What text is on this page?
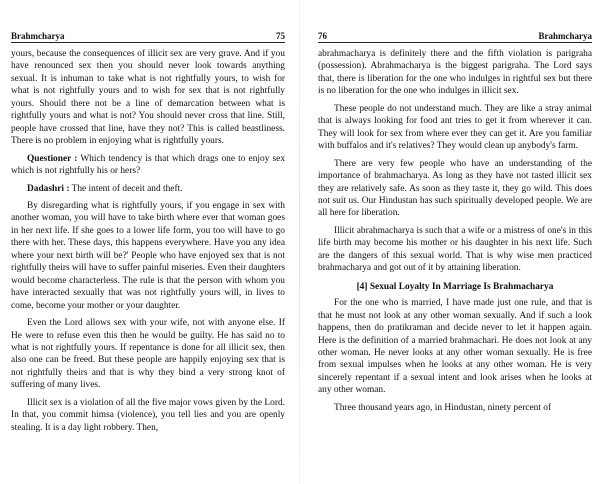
Brahmcharya	75

yours, because the consequences of illicit sex are very grave. And if you have renounced sex then you should never look towards anything sexual. It is inhuman to take what is not rightfully yours, to wish for what is not rightfully yours and to wish for sex that is not rightfully yours. Should there not be a line of demarcation between what is rightfully yours and what is not? You should never cross that line. Still, people have crossed that line, have they not? This is called beastliness. There is no problem in enjoying what is rightfully yours.

Questioner : Which tendency is that which drags one to enjoy sex which is not rightfully his or hers?

Dadashri : The intent of deceit and theft.

By disregarding what is rightfully yours, if you engage in sex with another woman, you will have to take birth where ever that woman goes in her next life. If she goes to a lower life form, you too will have to go there with her. These days, this happens everywhere. Have you any idea where your next birth will be?' People who have enjoyed sex that is not rightfully theirs will have to suffer painful miseries. Even their daughters would become characterless. The rule is that the person with whom you have interacted sexually that was not rightfully yours will, in lives to come, become your mother or your daughter.

Even the Lord allows sex with your wife, not with anyone else. If He were to refuse even this then he would be guilty. He has said no to what is not rightfully yours. If repentance is done for all illicit sex, then also one can be freed. But these people are happily enjoying sex that is not rightfully theirs and that is why they bind a very strong knot of suffering of many lives.

Illicit sex is a violation of all the five major vows given by the Lord. In that, you commit himsa (violence), you tell lies and you are openly stealing. It is a day light robbery. Then,

76	Brahmcharya

abrahmacharya is definitely there and the fifth violation is parigraha (possession). Abrahmacharya is the biggest parigraha. The Lord says that, there is liberation for the one who indulges in rightful sex but there is no liberation for the one who indulges in illicit sex.

These people do not understand much. They are like a stray animal that is always looking for food ant tries to get it from wherever it can. They will look for sex from where ever they can get it. Are you familiar with buffalos and it's relatives? They would clean up anybody's farm.

There are very few people who have an understanding of the importance of brahmacharya. As long as they have not tasted illicit sex they are relatively safe. As soon as they taste it, they go wild. This does not suit us. Our Hindustan has such spiritually developed people. We are all here for liberation.

Illicit abrahmacharya is such that a wife or a mistress of one's in this life birth may become his mother or his daughter in his next life. Such are the dangers of this sexual world. That is why wise men practiced brahmacharya and got out of it by attaining liberation.

[4] Sexual Loyalty In Marriage Is Brahmacharya

For the one who is married, I have made just one rule, and that is that he must not look at any other woman sexually. And if such a look happens, then do pratikraman and decide never to let it happen again. Here is the definition of a married brahmachari. He does not look at any other woman. He never looks at any other woman sexually. He is free from sexual impulses when he looks at any other woman. He is very sincerely repentant if a sexual intent and look arises when he looks at any other woman.

Three thousand years ago, in Hindustan, ninety percent of
